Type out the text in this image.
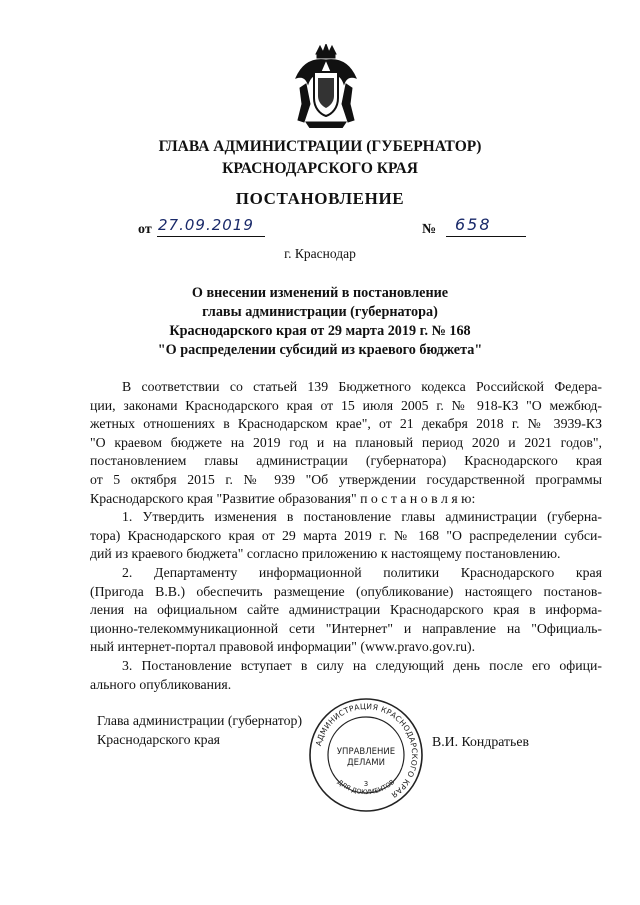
ГЛАВА АДМИНИСТРАЦИИ (ГУБЕРНАТОР)
КРАСНОДАРСКОГО КРАЯ
ПОСТАНОВЛЕНИЕ
от 27.09.2019	№ 658
г. Краснодар
О внесении изменений в постановление
главы администрации (губернатора)
Краснодарского края от 29 марта 2019 г. № 168
"О распределении субсидий из краевого бюджета"
В соответствии со статьей 139 Бюджетного кодекса Российской Федера-
ции, законами Краснодарского края от 15 июля 2005 г. № 918-КЗ "О межбюд-
жетных отношениях в Краснодарском крае", от 21 декабря 2018 г. № 3939-КЗ
"О краевом бюджете на 2019 год и на плановый период 2020 и 2021 годов",
постановлением главы администрации (губернатора) Краснодарского края
от 5 октября 2015 г. № 939 "Об утверждении государственной программы
Краснодарского края "Развитие образования" п о с т а н о в л я ю:
1. Утвердить изменения в постановление главы администрации (губерна-
тора) Краснодарского края от 29 марта 2019 г. № 168 "О распределении субси-
дий из краевого бюджета" согласно приложению к настоящему постановлению.
2. Департаменту информационной политики Краснодарского края
(Пригода В.В.) обеспечить размещение (опубликование) настоящего постанов-
ления на официальном сайте администрации Краснодарского края в информа-
ционно-телекоммуникационной сети "Интернет" и направление на "Официаль-
ный интернет-портал правовой информации" (www.pravo.gov.ru).
3. Постановление вступает в силу на следующий день после его офици-
ального опубликования.
Глава администрации (губернатор)
Краснодарского края	АДМИНИСТРАЦИЯ КРАСНОДАРСКОГО КРАЯ
ДЛЯ ДОКУМЕНТОВ
УПРАВЛЕНИЕ
ДЕЛАМИ
3
В.И. Кондратьев
